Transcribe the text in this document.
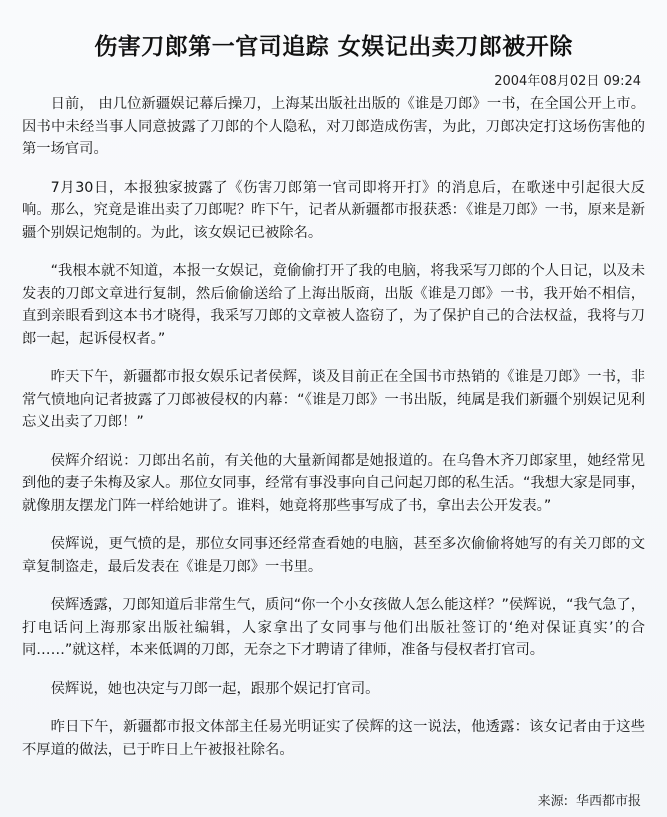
伤害刀郎第一官司追踪 女娱记出卖刀郎被开除
2004年08月02日 09:24

日前， 由几位新疆娱记幕后操刀，上海某出版社出版的《谁是刀郎》一书，在全国公开上市。因书中未经当事人同意披露了刀郎的个人隐私，对刀郎造成伤害，为此，刀郎决定打这场伤害他的第一场官司。

7月30日，本报独家披露了《伤害刀郎第一官司即将开打》的消息后，在歌迷中引起很大反响。那么，究竟是谁出卖了刀郎呢？昨下午，记者从新疆都市报获悉：《谁是刀郎》一书，原来是新疆个别娱记炮制的。为此，该女娱记已被除名。

“我根本就不知道，本报一女娱记，竟偷偷打开了我的电脑，将我采写刀郎的个人日记，以及未发表的刀郎文章进行复制，然后偷偷送给了上海出版商，出版《谁是刀郎》一书，我开始不相信，直到亲眼看到这本书才晓得，我采写刀郎的文章被人盗窃了，为了保护自己的合法权益，我将与刀郎一起，起诉侵权者。”

昨天下午，新疆都市报女娱乐记者侯辉，谈及目前正在全国书市热销的《谁是刀郎》一书，非常气愤地向记者披露了刀郎被侵权的内幕：“《谁是刀郎》一书出版，纯属是我们新疆个别娱记见利忘义出卖了刀郎！”

侯辉介绍说：刀郎出名前，有关他的大量新闻都是她报道的。在乌鲁木齐刀郎家里，她经常见到他的妻子朱梅及家人。那位女同事，经常有事没事向自己问起刀郎的私生活。“我想大家是同事，就像朋友摆龙门阵一样给她讲了。谁料，她竟将那些事写成了书，拿出去公开发表。”

侯辉说，更气愤的是，那位女同事还经常查看她的电脑，甚至多次偷偷将她写的有关刀郎的文章复制盗走，最后发表在《谁是刀郎》一书里。

侯辉透露，刀郎知道后非常生气，质问“你一个小女孩做人怎么能这样？”侯辉说，“我气急了，打电话问上海那家出版社编辑，人家拿出了女同事与他们出版社签订的‘绝对保证真实’的合同……”就这样，本来低调的刀郎，无奈之下才聘请了律师，准备与侵权者打官司。

侯辉说，她也决定与刀郎一起，跟那个娱记打官司。

昨日下午，新疆都市报文体部主任易光明证实了侯辉的这一说法，他透露：该女记者由于这些不厚道的做法，已于昨日上午被报社除名。

来源: 华西都市报
